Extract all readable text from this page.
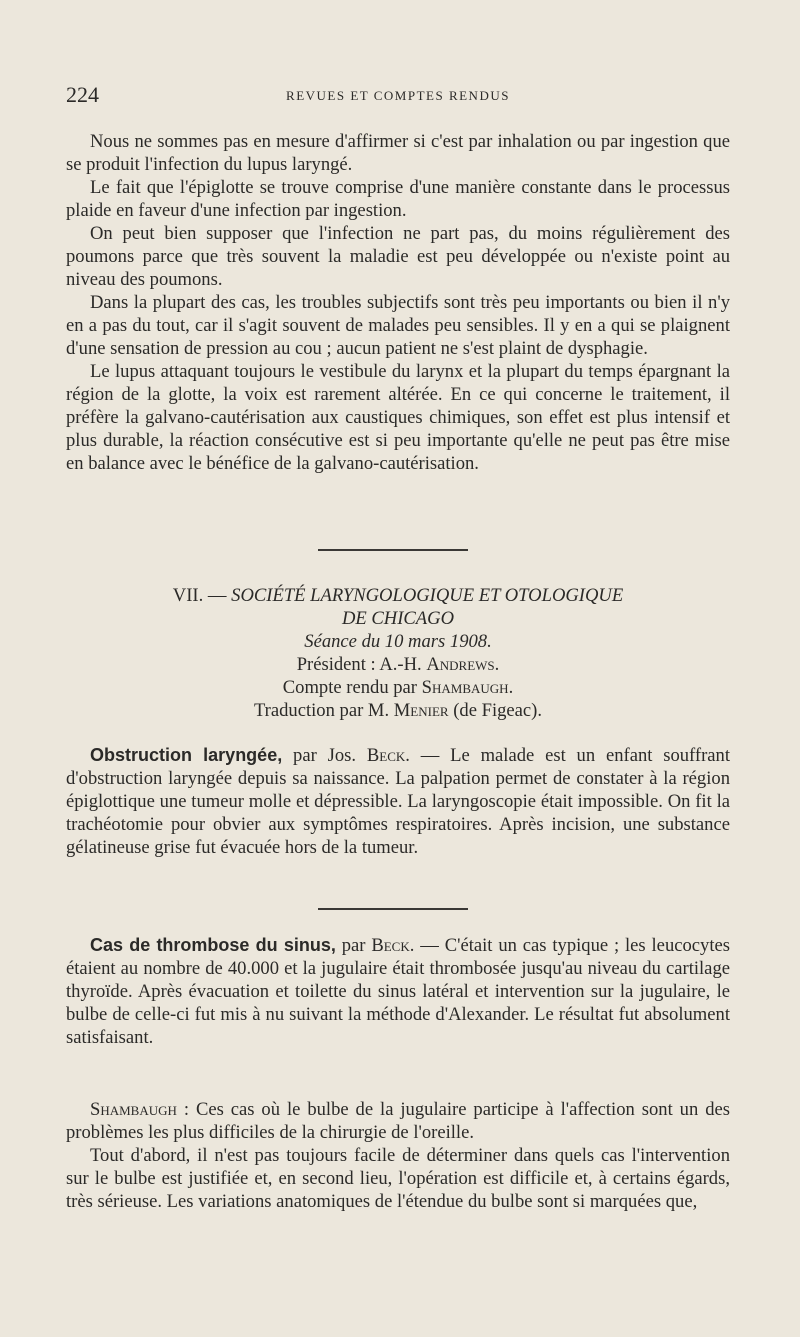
224	REVUES ET COMPTES RENDUS

Nous ne sommes pas en mesure d'affirmer si c'est par inhalation ou par ingestion que se produit l'infection du lupus laryngé.

Le fait que l'épiglotte se trouve comprise d'une manière constante dans le processus plaide en faveur d'une infection par ingestion.

On peut bien supposer que l'infection ne part pas, du moins régulièrement des poumons parce que très souvent la maladie est peu développée ou n'existe point au niveau des poumons.

Dans la plupart des cas, les troubles subjectifs sont très peu importants ou bien il n'y en a pas du tout, car il s'agit souvent de malades peu sensibles. Il y en a qui se plaignent d'une sensation de pression au cou ; aucun patient ne s'est plaint de dysphagie.

Le lupus attaquant toujours le vestibule du larynx et la plupart du temps épargnant la région de la glotte, la voix est rarement altérée. En ce qui concerne le traitement, il préfère la galvano-cautérisation aux caustiques chimiques, son effet est plus intensif et plus durable, la réaction consécutive est si peu importante qu'elle ne peut pas être mise en balance avec le bénéfice de la galvano-cautérisation.

VII. — SOCIÉTÉ LARYNGOLOGIQUE ET OTOLOGIQUE
DE CHICAGO
Séance du 10 mars 1908.
Président : A.-H. Andrews.
Compte rendu par Shambaugh.
Traduction par M. Menier (de Figeac).

Obstruction laryngée, par Jos. Beck. — Le malade est un enfant souffrant d'obstruction laryngée depuis sa naissance. La palpation permet de constater à la région épiglottique une tumeur molle et dépressible. La laryngoscopie était impossible. On fit la trachéotomie pour obvier aux symptômes respiratoires. Après incision, une substance gélatineuse grise fut évacuée hors de la tumeur.

Cas de thrombose du sinus, par Beck. — C'était un cas typique ; les leucocytes étaient au nombre de 40.000 et la jugulaire était thrombosée jusqu'au niveau du cartilage thyroïde. Après évacuation et toilette du sinus latéral et intervention sur la jugulaire, le bulbe de celle-ci fut mis à nu suivant la méthode d'Alexander. Le résultat fut absolument satisfaisant.

Shambaugh : Ces cas où le bulbe de la jugulaire participe à l'affection sont un des problèmes les plus difficiles de la chirurgie de l'oreille.

Tout d'abord, il n'est pas toujours facile de déterminer dans quels cas l'intervention sur le bulbe est justifiée et, en second lieu, l'opération est difficile et, à certains égards, très sérieuse. Les variations anatomiques de l'étendue du bulbe sont si marquées que,
